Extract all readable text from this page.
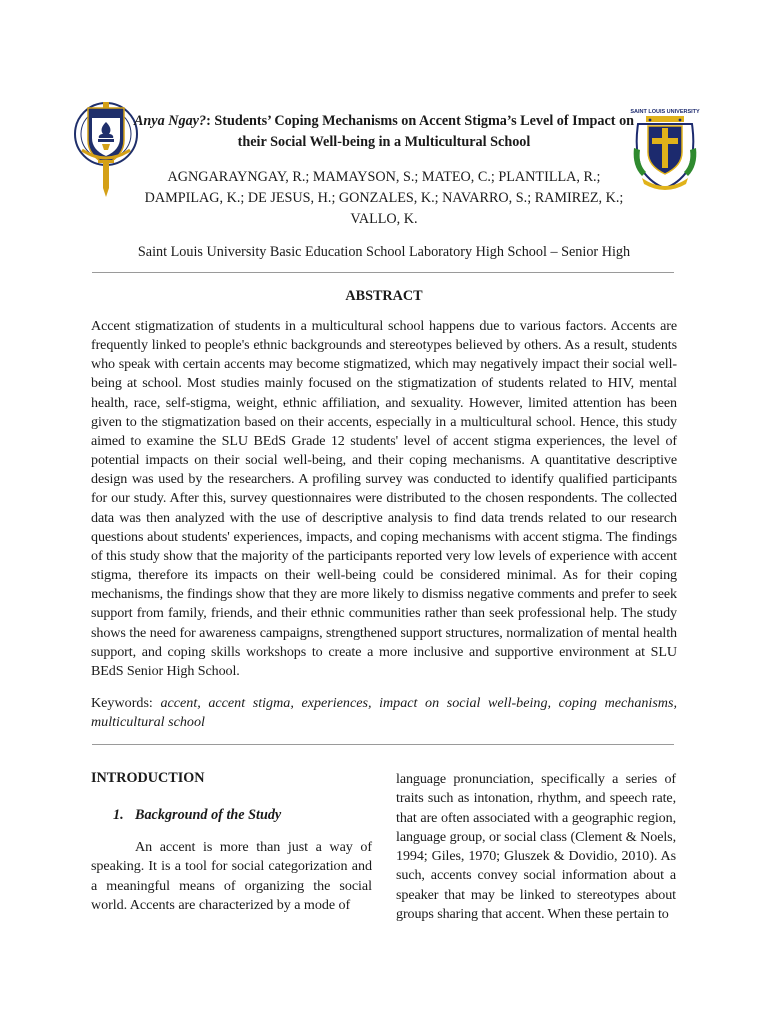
Anya Ngay?: Students’ Coping Mechanisms on Accent Stigma’s Level of Impact on their Social Well-being in a Multicultural School
SAINT LOUIS UNIVERSITY
AGNGARAYNGAY, R.; MAMAYSON, S.; MATEO, C.; PLANTILLA, R.; DAMPILAG, K.; DE JESUS, H.; GONZALES, K.; NAVARRO, S.; RAMIREZ, K.; VALLO, K.
Saint Louis University Basic Education School Laboratory High School – Senior High
ABSTRACT
Accent stigmatization of students in a multicultural school happens due to various factors. Accents are frequently linked to people's ethnic backgrounds and stereotypes believed by others. As a result, students who speak with certain accents may become stigmatized, which may negatively impact their social well-being at school. Most studies mainly focused on the stigmatization of students related to HIV, mental health, race, self-stigma, weight, ethnic affiliation, and sexuality. However, limited attention has been given to the stigmatization based on their accents, especially in a multicultural school. Hence, this study aimed to examine the SLU BEdS Grade 12 students' level of accent stigma experiences, the level of potential impacts on their social well-being, and their coping mechanisms. A quantitative descriptive design was used by the researchers. A profiling survey was conducted to identify qualified participants for our study. After this, survey questionnaires were distributed to the chosen respondents. The collected data was then analyzed with the use of descriptive analysis to find data trends related to our research questions about students' experiences, impacts, and coping mechanisms with accent stigma. The findings of this study show that the majority of the participants reported very low levels of experience with accent stigma, therefore its impacts on their well-being could be considered minimal. As for their coping mechanisms, the findings show that they are more likely to dismiss negative comments and prefer to seek support from family, friends, and their ethnic communities rather than seek professional help. The study shows the need for awareness campaigns, strengthened support structures, normalization of mental health support, and coping skills workshops to create a more inclusive and supportive environment at SLU BEdS Senior High School.
Keywords: accent, accent stigma, experiences, impact on social well-being, coping mechanisms, multicultural school
INTRODUCTION
1. Background of the Study
An accent is more than just a way of speaking. It is a tool for social categorization and a meaningful means of organizing the social world. Accents are characterized by a mode of
language pronunciation, specifically a series of traits such as intonation, rhythm, and speech rate, that are often associated with a geographic region, language group, or social class (Clement & Noels, 1994; Giles, 1970; Gluszek & Dovidio, 2010). As such, accents convey social information about a speaker that may be linked to stereotypes about groups sharing that accent. When these pertain to
